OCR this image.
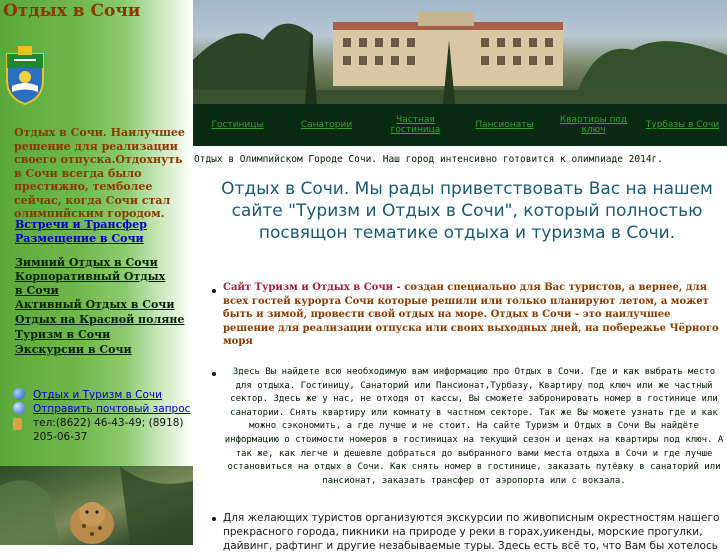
Отдых в Сочи
Отдых в Сочи. Наилучшее решение для реализации своего отпуска.Отдохнуть в Сочи всегда было престижно, темболее сейчас, когда Сочи стал олимпийским городом.
Встречи и Трансфер
Размещение в Сочи
Зимний Отдых в Сочи
Корпоративный Отдых в Сочи
Активный Отдых в Сочи
Отдых на Красной поляне
Туризм в Сочи
Экскурсии в Сочи
Отдых и Туризм в Сочи
Отправить почтовый запрос
тел:(8622) 46-43-49; (8918) 205-06-37
Гостиницы	Санатории	Частная гостиница	Пансионаты	Квартиры под ключ	Турбазы в Сочи
Отдых в Олимпийском Городе Сочи. Наш город интенсивно готовится к олимпиаде 2014г.
Отдых в Сочи. Мы рады приветствовать Вас на нашем сайте "Туризм и Отдых в Сочи", который полностью посвящон тематике отдыха и туризма в Сочи.
Сайт Туризм и Отдых в Сочи - создан специально для Вас туристов, а вернее, для всех гостей курорта Сочи которые решили или только планируют летом, а может быть и зимой, провести свой отдых на море. Отдых в Сочи - это наилучшее решение для реализации отпуска или своих выходных дней, на побережье Чёрного моря
Здесь Вы найдете всю необходимую вам информацию про Отдых в Сочи. Где и как выбрать место для отдыха. Гостиницу, Санаторий или Пансионат,Турбазу, Квартиру под ключ или же частный сектор. Здесь же у нас, не отходя от кассы, Вы сможете забронировать номер в гостинице или санатории. Снять квартиру или комнату в частном секторе. Так же Вы можете узнать где и как можно сэкономить, а где лучше и не стоит. На сайте Туризм и Отдых в Сочи Вы найдёте информацию о стоимости номеров в гостиницах на текущий сезон и ценах на квартиры под ключ. А так же, как легче и дешевле добраться до выбранного вами места отдыха в Сочи и где лучше остановиться на отдых в Сочи. Как снять номер в гостинице, заказать путёвку в санаторий или пансионат, заказать трансфер от аэропорта или с вокзала.
Для желающих туристов организуются экскурсии по живописным окрестностям нашего прекрасного города, пикники на природе у реки в горах,уикенды, морские прогулки, дайвинг, рафтинг и другие незабываемые туры. Здесь есть всё то, что Вам бы хотелось
